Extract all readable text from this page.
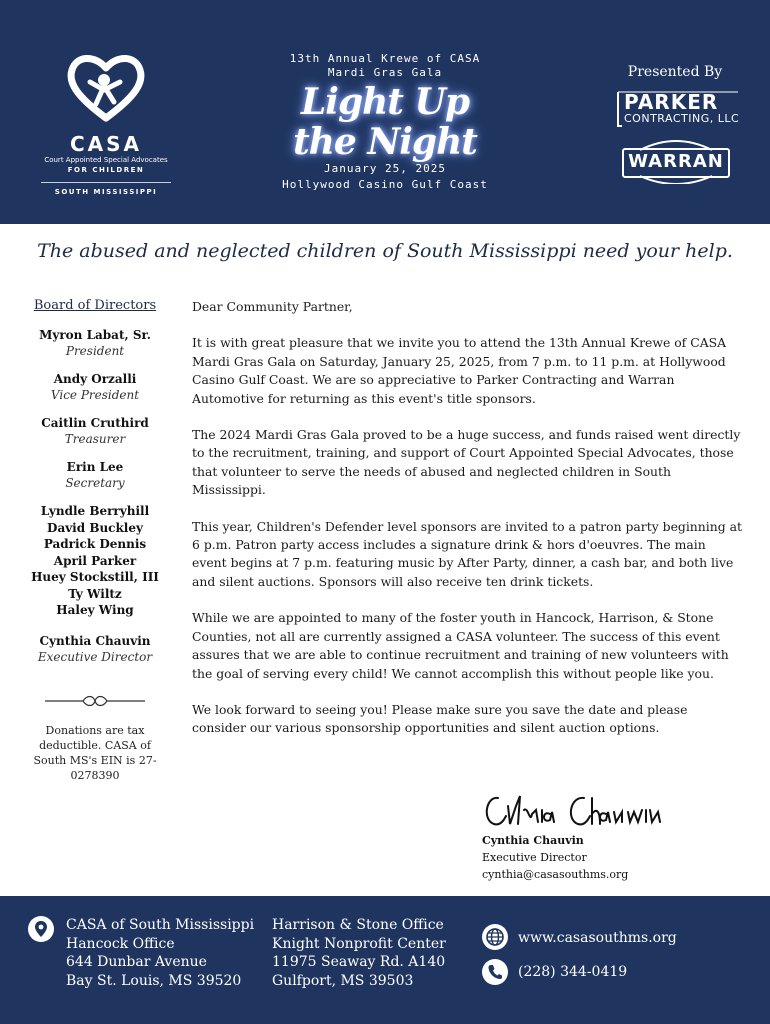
CASA
Court Appointed Special Advocates
FOR CHILDREN
SOUTH MISSISSIPPI
13th Annual Krewe of CASA
Mardi Gras Gala
Light Up
the Night
January 25, 2025
Hollywood Casino Gulf Coast
Presented By
PARKER
CONTRACTING, LLC
WARRAN
The abused and neglected children of South Mississippi need your help.
Board of Directors
Myron Labat, Sr.
President
Andy Orzalli
Vice President
Caitlin Cruthird
Treasurer
Erin Lee
Secretary
Lyndle Berryhill
David Buckley
Padrick Dennis
April Parker
Huey Stockstill, III
Ty Wiltz
Haley Wing
Cynthia Chauvin
Executive Director
Donations are tax deductible. CASA of South MS's EIN is 27-0278390

Dear Community Partner,

It is with great pleasure that we invite you to attend the 13th Annual Krewe of CASA Mardi Gras Gala on Saturday, January 25, 2025, from 7 p.m. to 11 p.m. at Hollywood Casino Gulf Coast. We are so appreciative to Parker Contracting and Warran Automotive for returning as this event's title sponsors.

The 2024 Mardi Gras Gala proved to be a huge success, and funds raised went directly to the recruitment, training, and support of Court Appointed Special Advocates, those that volunteer to serve the needs of abused and neglected children in South Mississippi.

This year, Children's Defender level sponsors are invited to a patron party beginning at 6 p.m. Patron party access includes a signature drink & hors d'oeuvres. The main event begins at 7 p.m. featuring music by After Party, dinner, a cash bar, and both live and silent auctions. Sponsors will also receive ten drink tickets.

While we are appointed to many of the foster youth in Hancock, Harrison, & Stone Counties, not all are currently assigned a CASA volunteer. The success of this event assures that we are able to continue recruitment and training of new volunteers with the goal of serving every child! We cannot accomplish this without people like you.

We look forward to seeing you! Please make sure you save the date and please consider our various sponsorship opportunities and silent auction options.

Cynthia Chauvin
Executive Director
cynthia@casasouthms.org
CASA of South Mississippi
Hancock Office
644 Dunbar Avenue
Bay St. Louis, MS 39520
Harrison & Stone Office
Knight Nonprofit Center
11975 Seaway Rd. A140
Gulfport, MS 39503
www.casasouthms.org
(228) 344-0419
